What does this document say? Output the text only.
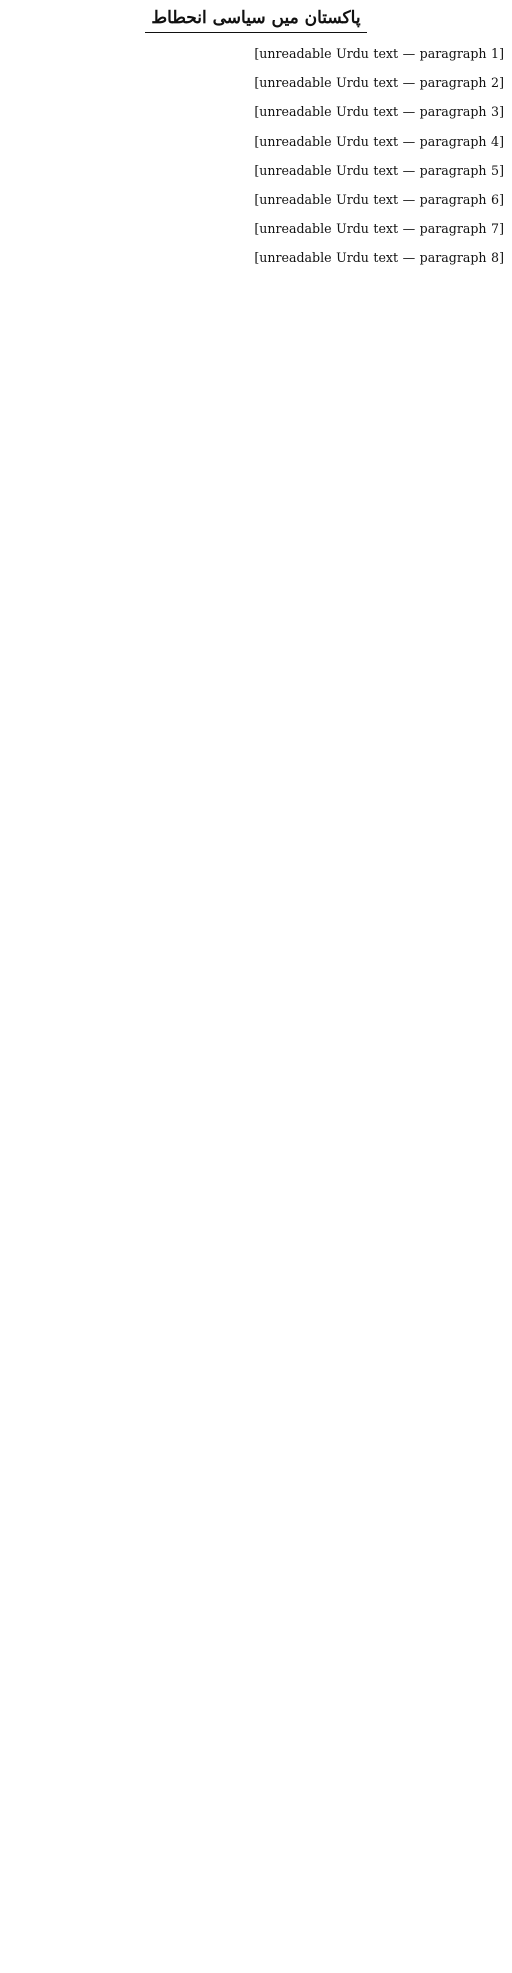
پاکستان میں سیاسی انحطاط

[unreadable Urdu text — paragraph 1]

[unreadable Urdu text — paragraph 2]

[unreadable Urdu text — paragraph 3]

[unreadable Urdu text — paragraph 4]

[unreadable Urdu text — paragraph 5]

[unreadable Urdu text — paragraph 6]

[unreadable Urdu text — paragraph 7]

[unreadable Urdu text — paragraph 8]
